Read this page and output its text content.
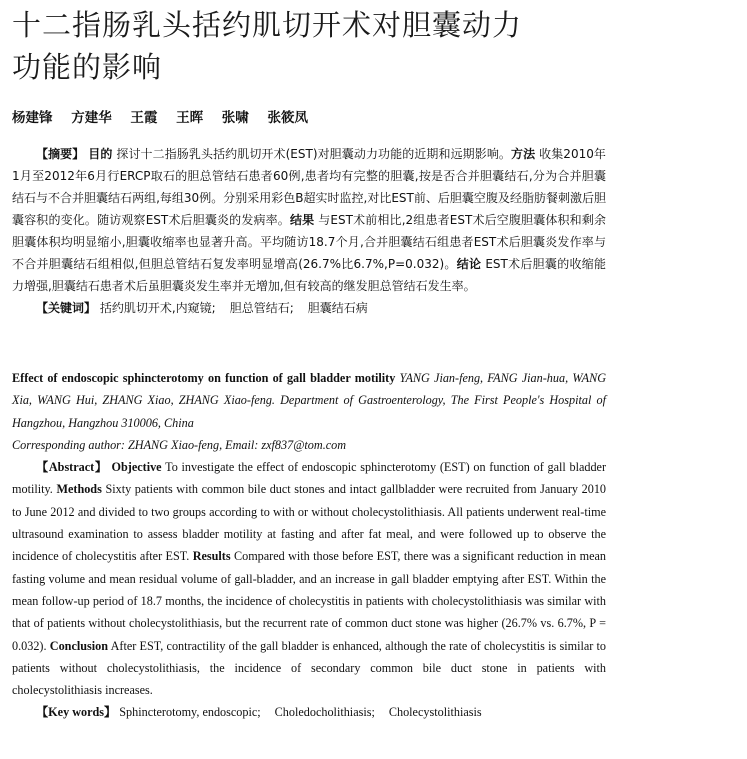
十二指肠乳头括约肌切开术对胆囊动力
功能的影响
杨建锋 方建华 王霞 王晖 张啸 张筱凤

【摘要】 目的 探讨十二指肠乳头括约肌切开术(EST)对胆囊动力功能的近期和远期影响。方法 收集2010年1月至2012年6月行ERCP取石的胆总管结石患者60例,患者均有完整的胆囊,按是否合并胆囊结石,分为合并胆囊结石与不合并胆囊结石两组,每组30例。分别采用彩色B超实时监控,对比EST前、后胆囊空腹及经脂肪餐刺激后胆囊容积的变化。随访观察EST术后胆囊炎的发病率。结果 与EST术前相比,2组患者EST术后空腹胆囊体积和剩余胆囊体积均明显缩小,胆囊收缩率也显著升高。平均随访18.7个月,合并胆囊结石组患者EST术后胆囊炎发作率与不合并胆囊结石组相似,但胆总管结石复发率明显增高(26.7%比6.7%,P=0.032)。结论 EST术后胆囊的收缩能力增强,胆囊结石患者术后虽胆囊炎发生率并无增加,但有较高的继发胆总管结石发生率。

【关键词】 括约肌切开术,内窥镜; 胆总管结石; 胆囊结石病

Effect of endoscopic sphincterotomy on function of gall bladder motility YANG Jian-feng, FANG Jian-hua, WANG Xia, WANG Hui, ZHANG Xiao, ZHANG Xiao-feng. Department of Gastroenterology, The First People's Hospital of Hangzhou, Hangzhou 310006, China

Corresponding author: ZHANG Xiao-feng, Email: zxf837@tom.com

【Abstract】 Objective To investigate the effect of endoscopic sphincterotomy (EST) on function of gall bladder motility. Methods Sixty patients with common bile duct stones and intact gallbladder were recruited from January 2010 to June 2012 and divided to two groups according to with or without cholecystolithiasis. All patients underwent real-time ultrasound examination to assess bladder motility at fasting and after fat meal, and were followed up to observe the incidence of cholecystitis after EST. Results Compared with those before EST, there was a significant reduction in mean fasting volume and mean residual volume of gall-bladder, and an increase in gall bladder emptying after EST. Within the mean follow-up period of 18.7 months, the incidence of cholecystitis in patients with cholecystolithiasis was similar with that of patients without cholecystolithiasis, but the recurrent rate of common duct stone was higher (26.7% vs. 6.7%, P = 0.032). Conclusion After EST, contractility of the gall bladder is enhanced, although the rate of cholecystitis is similar to patients without cholecystolithiasis, the incidence of secondary common bile duct stone in patients with cholecystolithiasis increases.

【Key words】 Sphincterotomy, endoscopic; Choledocholithiasis; Cholecystolithiasis
